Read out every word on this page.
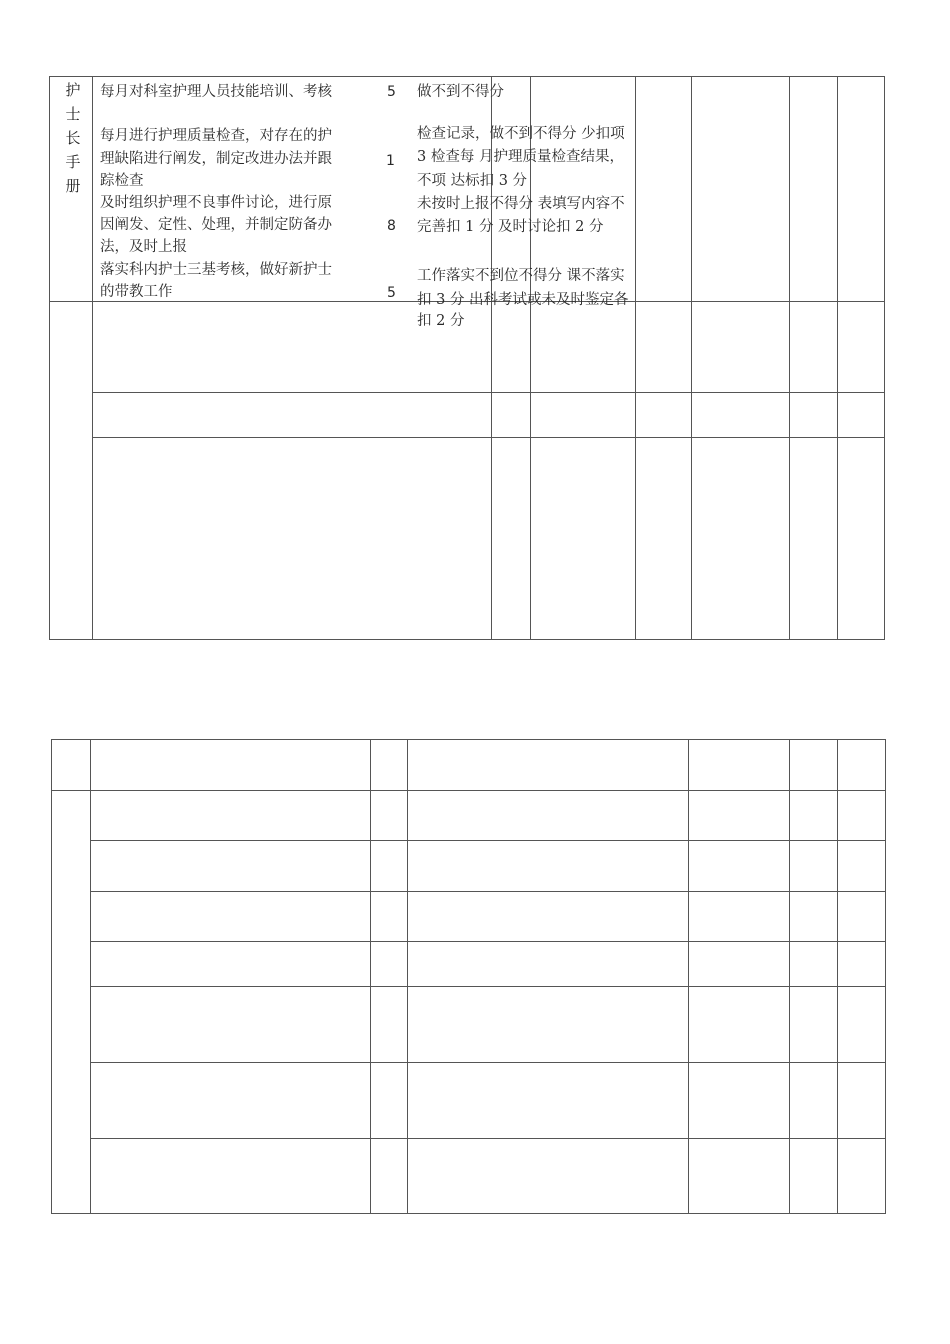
护士长手册
每月对科室护理人员技能培训、考核	5 做不到不得分
每月进行护理质量检查，对存在的护
理缺陷进行阐发，制定改进办法并跟
踪检查
1
检查记录，做不到不得分 少扣项
3 检查每 月护理质量检查结果，
不项 达标扣 3 分
及时组织护理不良事件讨论，进行原
因阐发、定性、处理，并制定防备办
法，及时上报
8
未按时上报不得分 表填写内容不
完善扣 1 分 及时讨论扣 2 分
落实科内护士三基考核，做好新护士
的带教工作	5
工作落实不到位不得分 课不落实
扣 3 分 出科考试或未及时鉴定各
扣 2 分
